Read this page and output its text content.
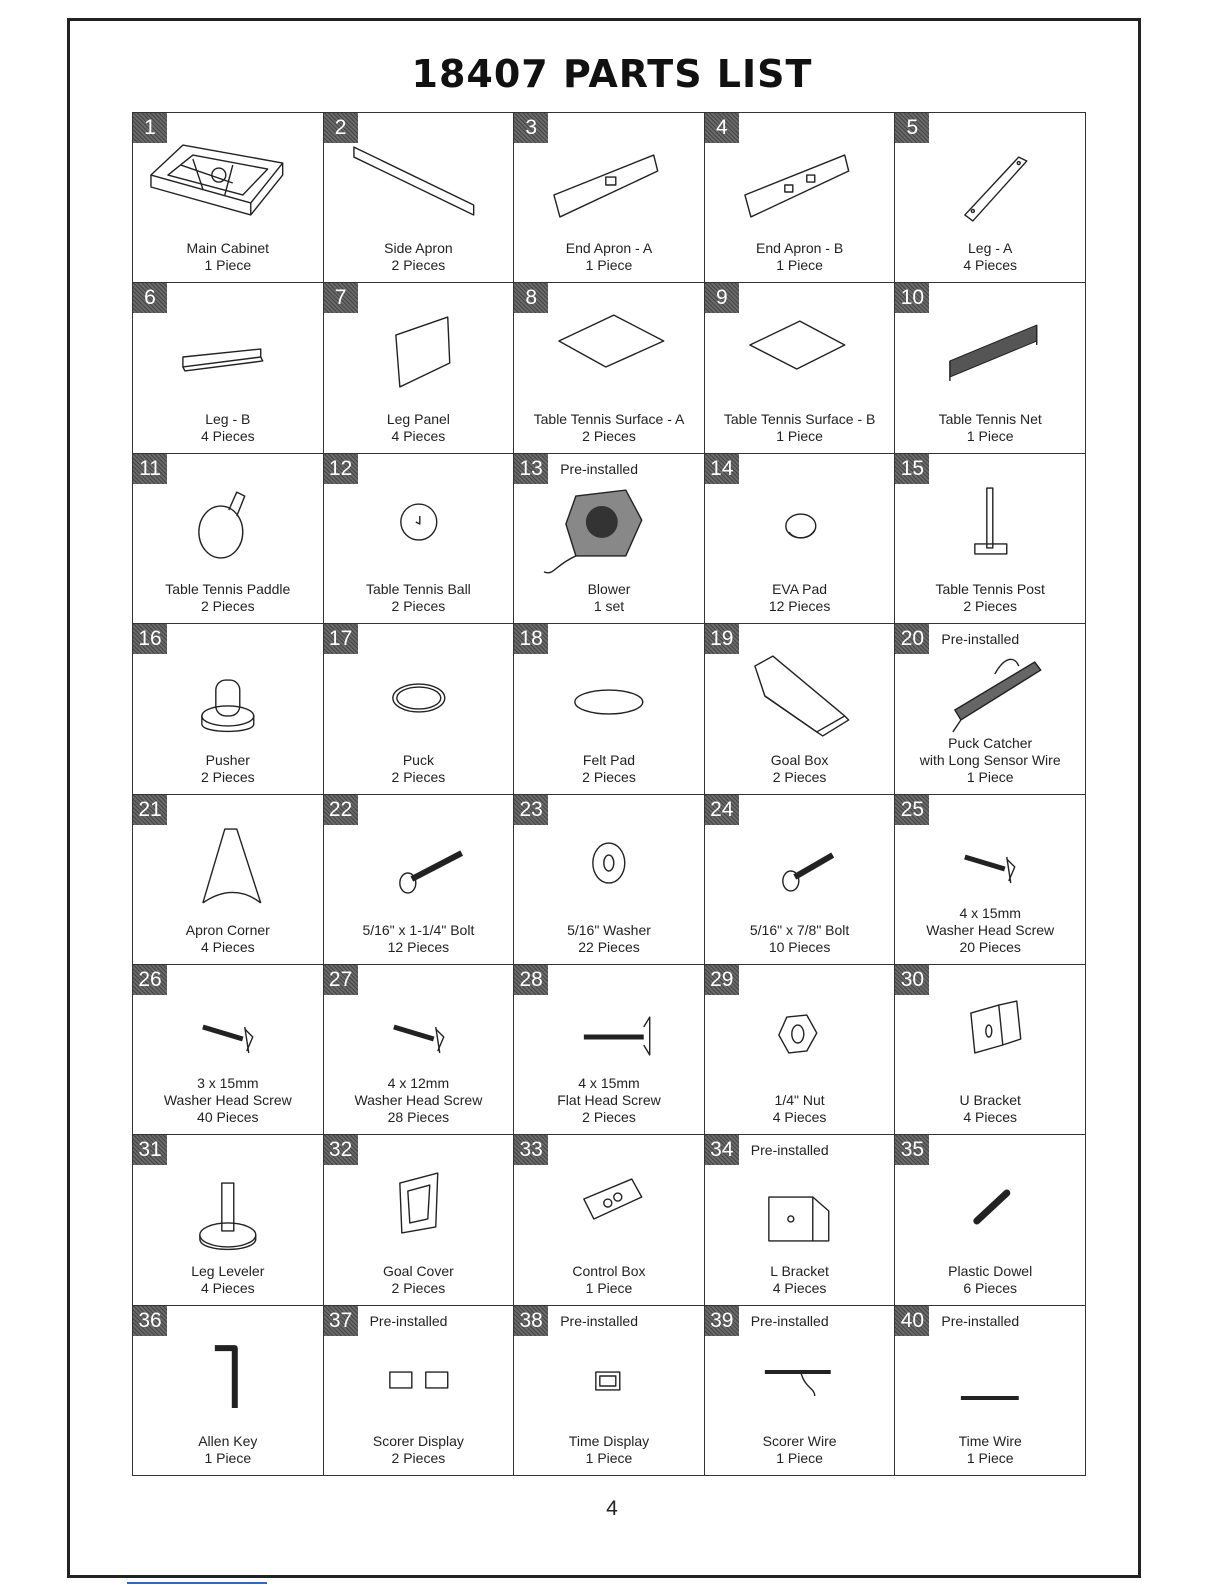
18407 PARTS LIST
1
Main Cabinet
1 Piece
2
Side Apron
2 Pieces
3
End Apron - A
1 Piece
4
End Apron - B
1 Piece
5
Leg - A
4 Pieces
6
Leg - B
4 Pieces
7
Leg Panel
4 Pieces
8
Table Tennis Surface - A
2 Pieces
9
Table Tennis Surface - B
1 Piece
10
Table Tennis Net
1 Piece
11
Table Tennis Paddle
2 Pieces
12
Table Tennis Ball
2 Pieces
13	Pre-installed
Blower
1 set
14
EVA Pad
12 Pieces
15
Table Tennis Post
2 Pieces
16
Pusher
2 Pieces
17
Puck
2 Pieces
18
Felt Pad
2 Pieces
19
Goal Box
2 Pieces
20	Pre-installed
Puck Catcher
with Long Sensor Wire
1 Piece
21
Apron Corner
4 Pieces
22
5/16" x 1-1/4" Bolt
12 Pieces
23
5/16" Washer
22 Pieces
24
5/16" x 7/8" Bolt
10 Pieces
25
4 x 15mm
Washer Head Screw
20 Pieces
26
3 x 15mm
Washer Head Screw
40 Pieces
27
4 x 12mm
Washer Head Screw
28 Pieces
28
4 x 15mm
Flat Head Screw
2 Pieces
29
1/4" Nut
4 Pieces
30
U Bracket
4 Pieces
31
Leg Leveler
4 Pieces
32
Goal Cover
2 Pieces
33
Control Box
1 Piece
34	Pre-installed
L Bracket
4 Pieces
35
Plastic Dowel
6 Pieces
36
Allen Key
1 Piece
37	Pre-installed
Scorer Display
2 Pieces
38	Pre-installed
Time Display
1 Piece
39	Pre-installed
Scorer Wire
1 Piece
40	Pre-installed
Time Wire
1 Piece
4
